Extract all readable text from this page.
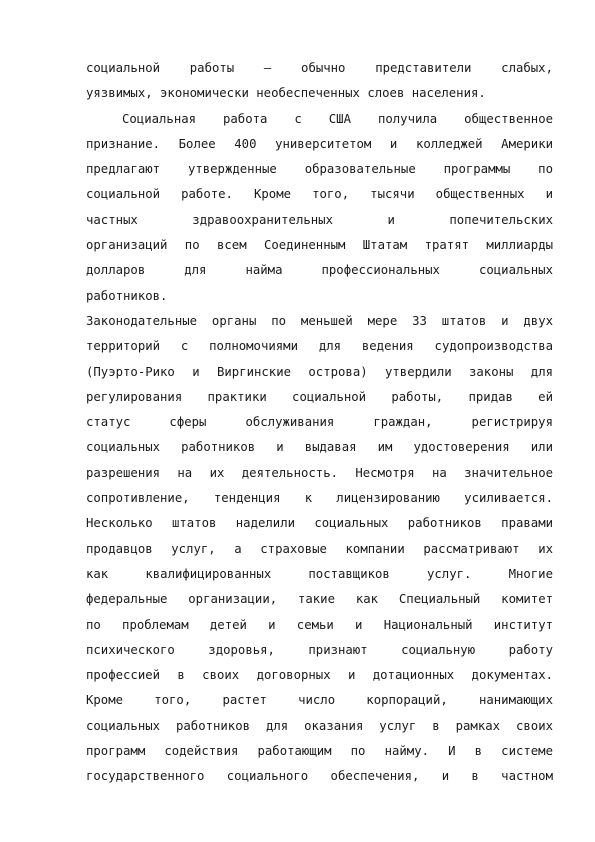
социальной работы – обычно представители слабых,
уязвимых, экономически необеспеченных слоев населения.
Социальная работа с США получила общественное
признание. Более 400 университетом и колледжей Америки
предлагают утвержденные образовательные программы по
социальной работе. Кроме того, тысячи общественных и
частных здравоохранительных и попечительских
организаций по всем Соединенным Штатам тратят миллиарды
долларов для найма профессиональных социальных
работников.
Законодательные органы по меньшей мере 33 штатов и двух
территорий с полномочиями для ведения судопроизводства
(Пуэрто-Рико и Виргинские острова) утвердили законы для
регулирования практики социальной работы, придав ей
статус сферы обслуживания граждан, регистрируя
социальных работников и выдавая им удостоверения или
разрешения на их деятельность. Несмотря на значительное
сопротивление, тенденция к лицензированию усиливается.
Несколько штатов наделили социальных работников правами
продавцов услуг, а страховые компании рассматривают их
как квалифицированных поставщиков услуг. Многие
федеральные организации, такие как Специальный комитет
по проблемам детей и семьи и Национальный институт
психического здоровья, признают социальную работу
профессией в своих договорных и дотационных документах.
Кроме того, растет число корпораций, нанимающих
социальных работников для оказания услуг в рамках своих
программ содействия работающим по найму. И в системе
государственного социального обеспечения, и в частном
